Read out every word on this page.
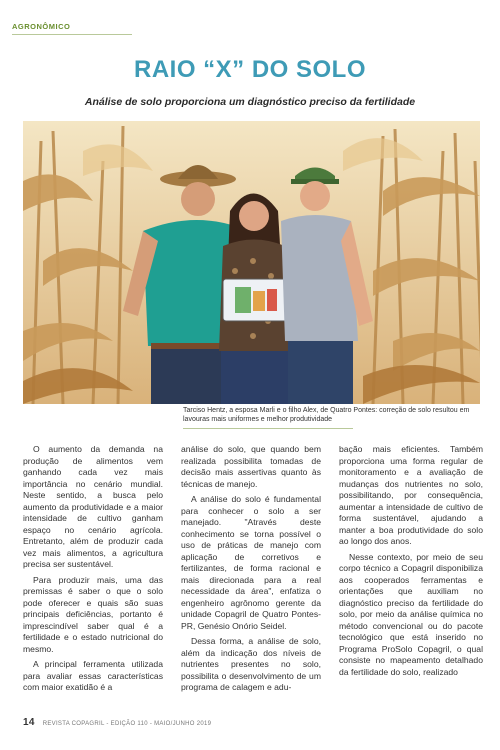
AGRONÔMICO
RAIO “X” DO SOLO
Análise de solo proporciona um diagnóstico preciso da fertilidade
Tarciso Hentz, a esposa Marli e o filho Alex, de Quatro Pontes: correção de solo resultou em lavouras mais uniformes e melhor produtividade

O aumento da demanda na produção de alimentos vem ganhando cada vez mais importância no cenário mundial. Neste sentido, a busca pelo aumento da produtividade e a maior intensidade de cultivo ganham espaço no cenário agrícola. Entretanto, além de produzir cada vez mais alimentos, a agricultura precisa ser sustentável.

Para produzir mais, uma das premissas é saber o que o solo pode oferecer e quais são suas principais deficiências, portanto é imprescindível saber qual é a fertilidade e o estado nutricional do mesmo.

A principal ferramenta utilizada para avaliar essas características com maior exatidão é a

análise do solo, que quando bem realizada possibilita tomadas de decisão mais assertivas quanto às técnicas de manejo.

A análise do solo é fundamental para conhecer o solo a ser manejado. "Através deste conhecimento se torna possível o uso de práticas de manejo com aplicação de corretivos e fertilizantes, de forma racional e mais direcionada para a real necessidade da área", enfatiza o engenheiro agrônomo gerente da unidade Copagril de Quatro Pontes-PR, Genésio Onório Seidel.

Dessa forma, a análise de solo, além da indicação dos níveis de nutrientes presentes no solo, possibilita o desenvolvimento de um programa de calagem e adu-

bação mais eficientes. Também proporciona uma forma regular de monitoramento e a avaliação de mudanças dos nutrientes no solo, possibilitando, por consequência, aumentar a intensidade de cultivo de forma sustentável, ajudando a manter a boa produtividade do solo ao longo dos anos.

Nesse contexto, por meio de seu corpo técnico a Copagril disponibiliza aos cooperados ferramentas e orientações que auxiliam no diagnóstico preciso da fertilidade do solo, por meio da análise química no método convencional ou do pacote tecnológico que está inserido no Programa ProSolo Copagril, o qual consiste no mapeamento detalhado da fertilidade do solo, realizado

14 REVISTA COPAGRIL - EDIÇÃO 110 - MAIO/JUNHO 2019
